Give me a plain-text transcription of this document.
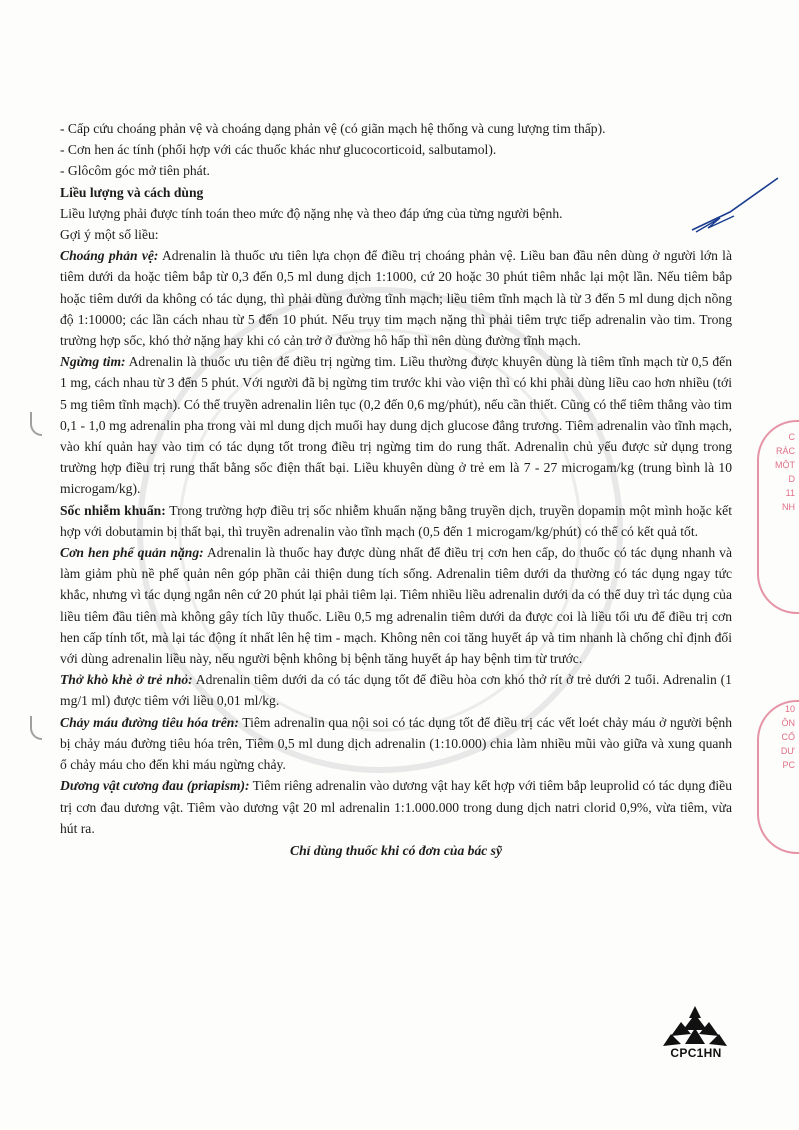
- Cấp cứu choáng phản vệ và choáng dạng phản vệ (có giãn mạch hệ thống và cung lượng tim thấp).
- Cơn hen ác tính (phối hợp với các thuốc khác như glucocorticoid, salbutamol).
- Glôcôm góc mở tiên phát.
Liều lượng và cách dùng
Liều lượng phải được tính toán theo mức độ nặng nhẹ và theo đáp ứng của từng người bệnh.
Gợi ý một số liều:
Choáng phản vệ: Adrenalin là thuốc ưu tiên lựa chọn để điều trị choáng phản vệ. Liều ban đầu nên dùng ở người lớn là tiêm dưới da hoặc tiêm bắp từ 0,3 đến 0,5 ml dung dịch 1:1000, cứ 20 hoặc 30 phút tiêm nhắc lại một lần. Nếu tiêm bắp hoặc tiêm dưới da không có tác dụng, thì phải dùng đường tĩnh mạch; liều tiêm tĩnh mạch là từ 3 đến 5 ml dung dịch nồng độ 1:10000; các lần cách nhau từ 5 đến 10 phút. Nếu trụy tim mạch nặng thì phải tiêm trực tiếp adrenalin vào tim. Trong trường hợp sốc, khó thở nặng hay khi có cản trở ở đường hô hấp thì nên dùng đường tĩnh mạch.
Ngừng tim: Adrenalin là thuốc ưu tiên để điều trị ngừng tim. Liều thường được khuyên dùng là tiêm tĩnh mạch từ 0,5 đến 1 mg, cách nhau từ 3 đến 5 phút. Với người đã bị ngừng tim trước khi vào viện thì có khi phải dùng liều cao hơn nhiều (tới 5 mg tiêm tĩnh mạch). Có thể truyền adrenalin liên tục (0,2 đến 0,6 mg/phút), nếu cần thiết. Cũng có thể tiêm thẳng vào tim 0,1 - 1,0 mg adrenalin pha trong vài ml dung dịch muối hay dung dịch glucose đẳng trương. Tiêm adrenalin vào tĩnh mạch, vào khí quản hay vào tim có tác dụng tốt trong điều trị ngừng tim do rung thất. Adrenalin chủ yếu được sử dụng trong trường hợp điều trị rung thất bằng sốc điện thất bại. Liều khuyên dùng ở trẻ em là 7 - 27 microgam/kg (trung bình là 10 microgam/kg).
Sốc nhiễm khuẩn: Trong trường hợp điều trị sốc nhiễm khuẩn nặng bằng truyền dịch, truyền dopamin một mình hoặc kết hợp với dobutamin bị thất bại, thì truyền adrenalin vào tĩnh mạch (0,5 đến 1 microgam/kg/phút) có thể có kết quả tốt.
Cơn hen phế quản nặng: Adrenalin là thuốc hay được dùng nhất để điều trị cơn hen cấp, do thuốc có tác dụng nhanh và làm giảm phù nề phế quản nên góp phần cải thiện dung tích sống. Adrenalin tiêm dưới da thường có tác dụng ngay tức khắc, nhưng vì tác dụng ngắn nên cứ 20 phút lại phải tiêm lại. Tiêm nhiều liều adrenalin dưới da có thể duy trì tác dụng của liều tiêm đầu tiên mà không gây tích lũy thuốc. Liều 0,5 mg adrenalin tiêm dưới da được coi là liều tối ưu để điều trị cơn hen cấp tính tốt, mà lại tác động ít nhất lên hệ tim - mạch. Không nên coi tăng huyết áp và tim nhanh là chống chỉ định đối với dùng adrenalin liều này, nếu người bệnh không bị bệnh tăng huyết áp hay bệnh tim từ trước.
Thở khò khè ở trẻ nhỏ: Adrenalin tiêm dưới da có tác dụng tốt để điều hòa cơn khó thở rít ở trẻ dưới 2 tuổi. Adrenalin (1 mg/1 ml) được tiêm với liều 0,01 ml/kg.
Chảy máu đường tiêu hóa trên: Tiêm adrenalin qua nội soi có tác dụng tốt để điều trị các vết loét chảy máu ở người bệnh bị chảy máu đường tiêu hóa trên, Tiêm 0,5 ml dung dịch adrenalin (1:10.000) chia làm nhiều mũi vào giữa và xung quanh ổ chảy máu cho đến khi máu ngừng chảy.
Dương vật cương đau (priapism): Tiêm riêng adrenalin vào dương vật hay kết hợp với tiêm bắp leuprolid có tác dụng điều trị cơn đau dương vật. Tiêm vào dương vật 20 ml adrenalin 1:1.000.000 trong dung dịch natri clorid 0,9%, vừa tiêm, vừa hút ra.
Chỉ dùng thuốc khi có đơn của bác sỹ
C
RÁC
MỘT
D
11
NH
10
ÔN
CỔ
DƯ
PC
CPC1HN
